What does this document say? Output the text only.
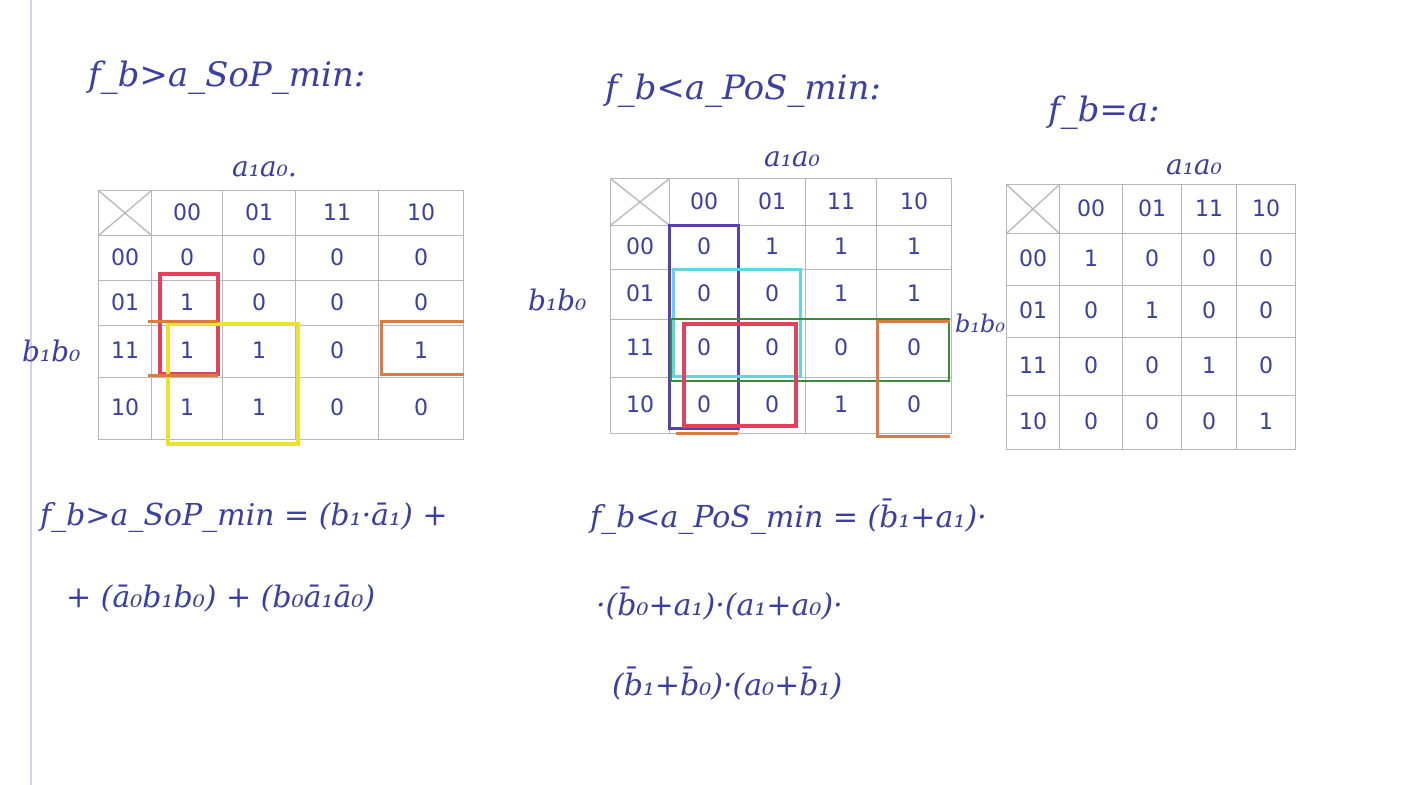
f_b>a_SoP_min:
a₁a₀.
b₁b₀
	00	01	11	10
00	0	0	0	0
01	1	0	0	0
11	1	1	0	1
10	1	1	0	0
f_b>a_SoP_min = (b₁·ā₁) +
+ (ā₀b₁b₀) + (b₀ā₁ā₀)
f_b<a_PoS_min:
a₁a₀
b₁b₀
	00	01	11	10
00	0	1	1	1
01	0	0	1	1
11	0	0	0	0
10	0	0	1	0
f_b<a_PoS_min = (b̄₁+a₁)·
·(b̄₀+a₁)·(a₁+a₀)·
(b̄₁+b̄₀)·(a₀+b̄₁)
f_b=a:
a₁a₀
b₁b₀
	00	01	11	10
00	1	0	0	0
01	0	1	0	0
11	0	0	1	0
10	0	0	0	1
